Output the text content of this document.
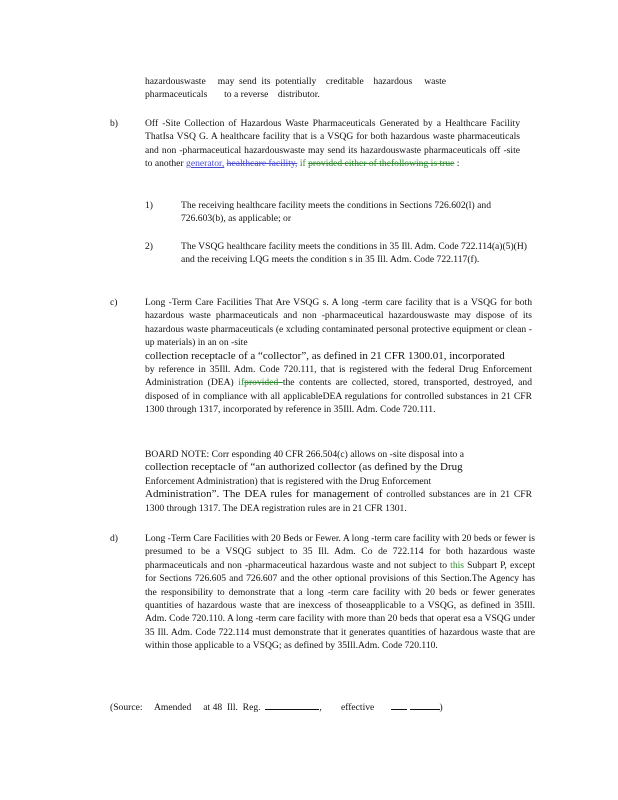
hazardouswaste     may  send  its  potentially    creditable    hazardous     waste
pharmaceuticals       to a reverse    distributor.
b)	Off -Site Collection of Hazardous Waste Pharmaceuticals Generated by a Healthcare Facility ThatIsa VSQ G. A healthcare facility that is a VSQG for both hazardous waste pharmaceuticals and non -pharmaceutical hazardouswaste may send its hazardouswaste pharmaceuticals off -site to another generator, healthcare facility, if provided either of thefollowing is true :
1)	The receiving healthcare facility meets the conditions in Sections 726.602(l) and 726.603(b), as applicable; or
2)	The VSQG healthcare facility meets the conditions in 35 Ill. Adm. Code 722.114(a)(5)(H) and the receiving LQG meets the condition s in 35 Ill. Adm. Code 722.117(f).
c)	Long -Term Care Facilities That Are VSQG s. A long -term care facility that is a VSQG for both hazardous waste pharmaceuticals and non -pharmaceutical hazardouswaste may dispose of its hazardous waste pharmaceuticals (e xcluding contaminated personal protective equipment or clean -up materials) in an on -site
collection receptacle of a “collector”, as defined in 21 CFR 1300.01, incorporated
by reference in 35Ill. Adm. Code 720.111, that is registered with the federal Drug Enforcement Administration (DEA) ifprovided the contents are collected, stored, transported, destroyed, and disposed of in compliance with all applicableDEA regulations for controlled substances in 21 CFR 1300 through 1317, incorporated by reference in 35Ill. Adm. Code 720.111.
BOARD NOTE: Corr esponding 40 CFR 266.504(c) allows on -site disposal into a
collection receptacle of “an authorized collector (as defined by the Drug
Enforcement Administration) that is registered with the Drug Enforcement
Administration”. The DEA rules for management of controlled substances are in 21 CFR 1300 through 1317. The DEA registration rules are in 21 CFR 1301.
d)	Long -Term Care Facilities with 20 Beds or Fewer. A long -term care facility with 20 beds or fewer is presumed to be a VSQG subject to 35 Ill. Adm. Co de 722.114 for both hazardous waste pharmaceuticals and non -pharmaceutical hazardous waste and not subject to this Subpart P, except for Sections 726.605 and 726.607 and the other optional provisions of this Section.The Agency has the responsibility to demonstrate that a long -term care facility with 20 beds or fewer generates quantities of hazardous waste that are inexcess of thoseapplicable to a VSQG, as defined in 35Ill. Adm. Code 720.110. A long -term care facility with more than 20 beds that operat esa a VSQG under 35 Ill. Adm. Code 722.114 must demonstrate that it generates quantities of hazardous waste that are within those applicable to a VSQG; as defined by 35Ill.Adm. Code 720.110.
(Source:     Amended     at 48  Ill.  Reg.	, effective	)
